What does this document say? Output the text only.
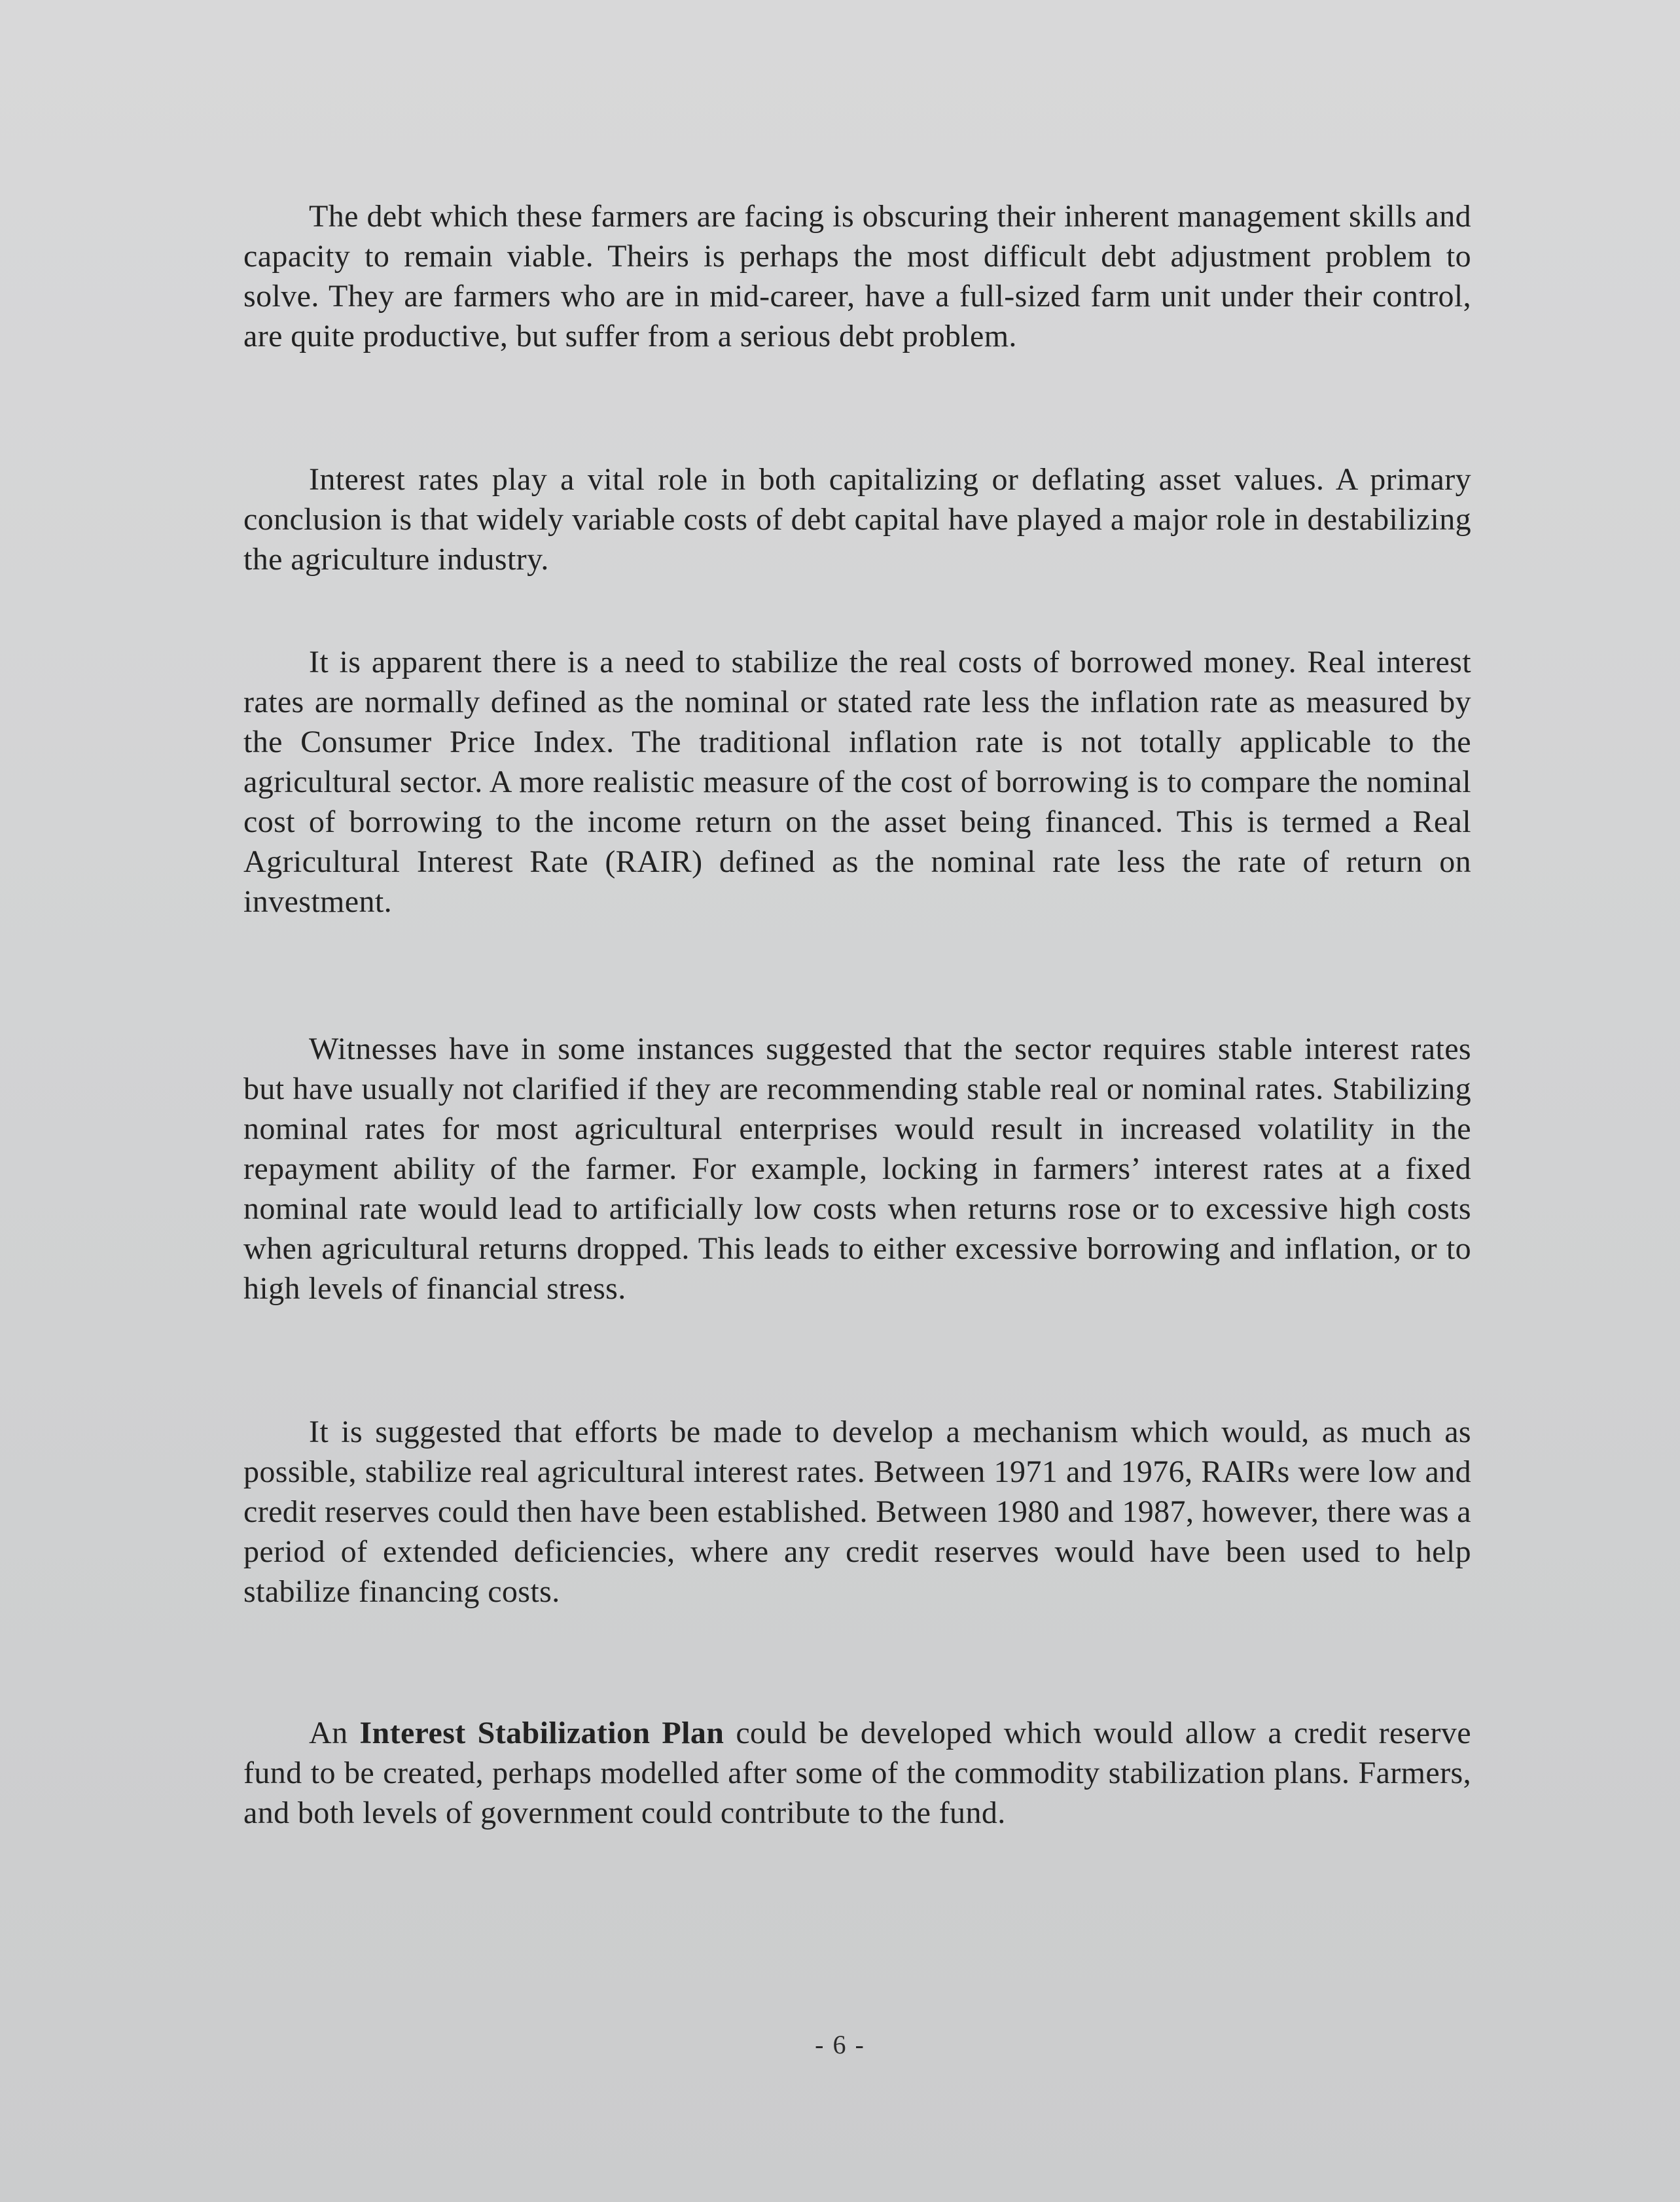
The debt which these farmers are facing is obscuring their inherent management skills and capacity to remain viable. Theirs is perhaps the most difficult debt adjustment problem to solve. They are farmers who are in mid-career, have a full-sized farm unit under their control, are quite productive, but suffer from a serious debt problem.

Interest rates play a vital role in both capitalizing or deflating asset values. A primary conclusion is that widely variable costs of debt capital have played a major role in destabilizing the agriculture industry.

It is apparent there is a need to stabilize the real costs of borrowed money. Real interest rates are normally defined as the nominal or stated rate less the inflation rate as measured by the Consumer Price Index. The traditional inflation rate is not totally applicable to the agricultural sector. A more realistic measure of the cost of borrowing is to compare the nominal cost of borrowing to the income return on the asset being financed. This is termed a Real Agricultural Interest Rate (RAIR) defined as the nominal rate less the rate of return on investment.

Witnesses have in some instances suggested that the sector requires stable interest rates but have usually not clarified if they are recommending stable real or nominal rates. Stabilizing nominal rates for most agricultural enterprises would result in increased volatility in the repayment ability of the farmer. For example, locking in farmers’ interest rates at a fixed nominal rate would lead to artificially low costs when returns rose or to excessive high costs when agricultural returns dropped. This leads to either excessive borrowing and inflation, or to high levels of financial stress.

It is suggested that efforts be made to develop a mechanism which would, as much as possible, stabilize real agricultural interest rates. Between 1971 and 1976, RAIRs were low and credit reserves could then have been established. Between 1980 and 1987, however, there was a period of extended deficiencies, where any credit reserves would have been used to help stabilize financing costs.

An Interest Stabilization Plan could be developed which would allow a credit reserve fund to be created, perhaps modelled after some of the commodity stabilization plans. Farmers, and both levels of government could contribute to the fund.

- 6 -
